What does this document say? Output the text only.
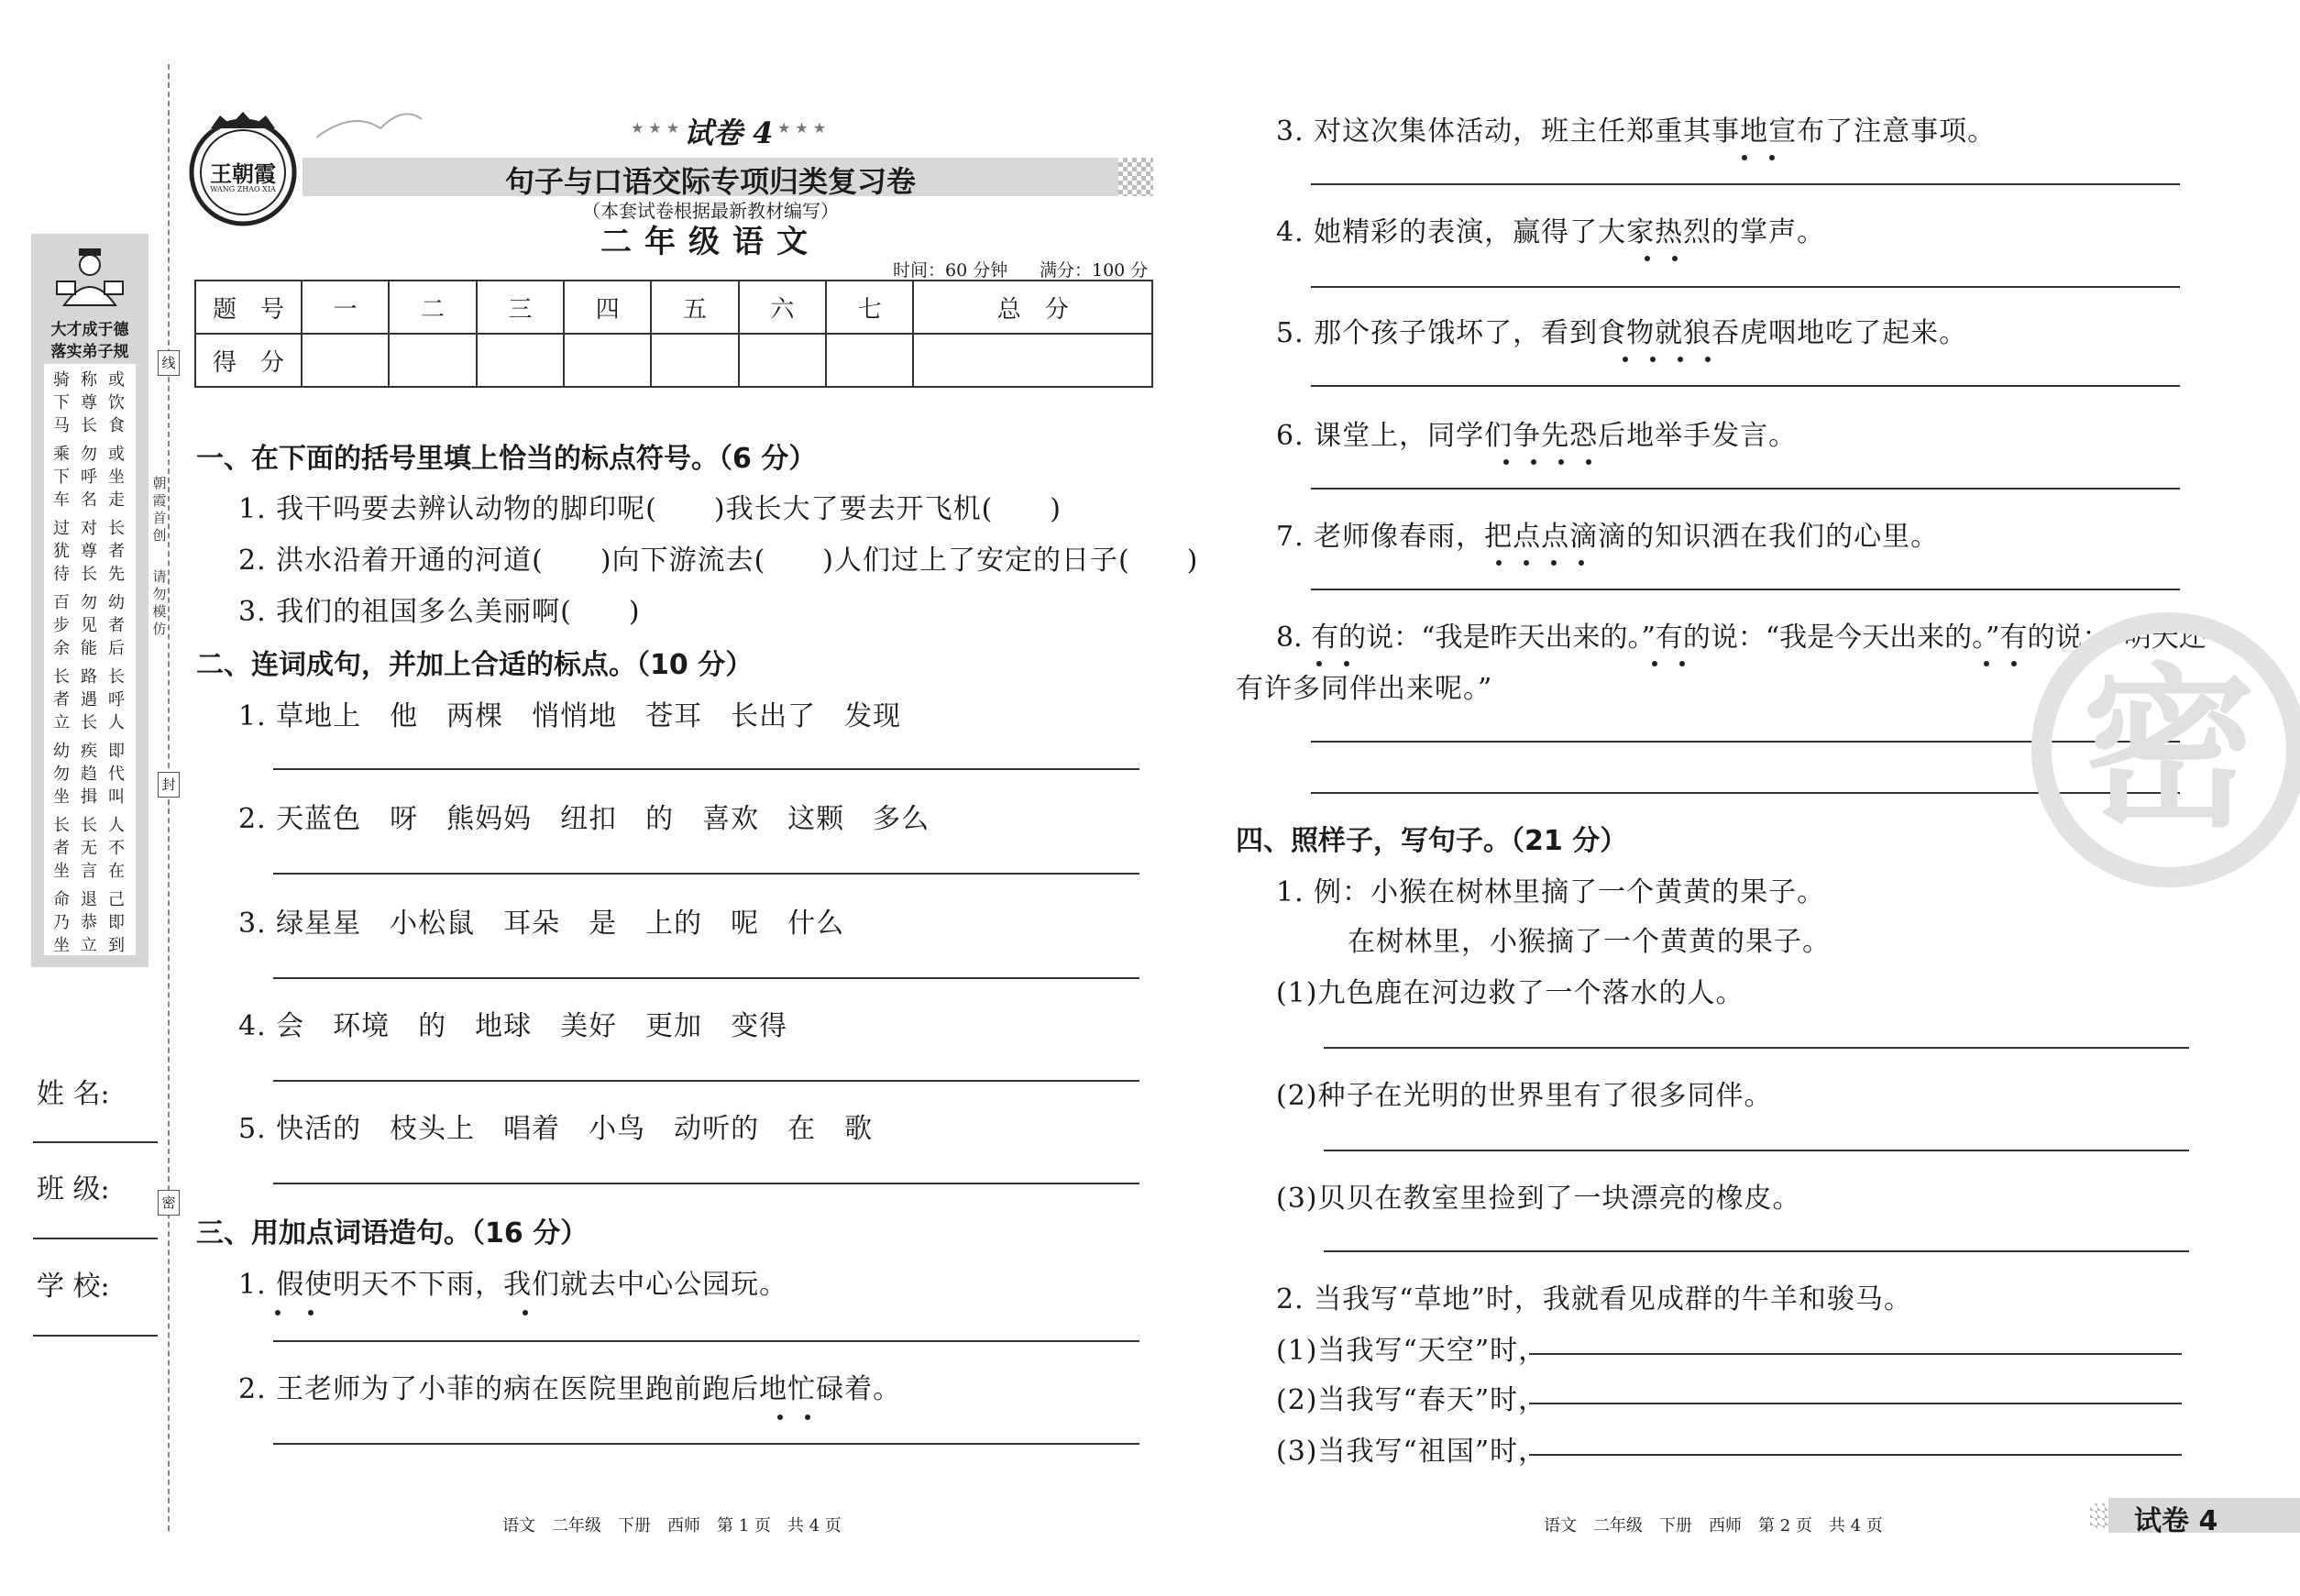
大才成于德
落实弟子规
骑下马
称尊长
或饮食
乘下车
勿呼名
或坐走
过犹待
对尊长
长者先
百步余
勿见能
幼者后
长者立
路遇长
长呼人
幼勿坐
疾趋揖
即代叫
长者坐
长无言
人不在
命乃坐
退恭立
己即到
朝霞首创
请勿模仿
线
封
密
姓 名:
班 级:
学 校:
王朝霞
WANG ZHAO XIA
★ ★ ★ 试卷 4 ★ ★ ★
句子与口语交际专项归类复习卷
（本套试卷根据最新教材编写）
二年级语文
时间：60 分钟 满分：100 分
题　号	一	二	三	四	五	六	七	总　分
得　分								
一、在下面的括号里填上恰当的标点符号。（6 分）
1. 我干吗要去辨认动物的脚印呢(　　)我长大了要去开飞机(　　)
2. 洪水沿着开通的河道(　　)向下游流去(　　)人们过上了安定的日子(　　)
3. 我们的祖国多么美丽啊(　　)
二、连词成句，并加上合适的标点。（10 分）
1. 草地上　他　两棵　悄悄地　苍耳　长出了　发现
2. 天蓝色　呀　熊妈妈　纽扣　的　喜欢　这颗　多么
3. 绿星星　小松鼠　耳朵　是　上的　呢　什么
4. 会　环境　的　地球　美好　更加　变得
5. 快活的　枝头上　唱着　小鸟　动听的　在　歌
三、用加点词语造句。（16 分）
1. 假使明天不下雨，我们就去中心公园玩。
2. 王老师为了小菲的病在医院里跑前跑后地忙碌着。
语文　二年级　下册　西师　第 1 页　共 4 页
3. 对这次集体活动，班主任郑重其事地宣布了注意事项。
4. 她精彩的表演，赢得了大家热烈的掌声。
5. 那个孩子饿坏了，看到食物就狼吞虎咽地吃了起来。
6. 课堂上，同学们争先恐后地举手发言。
7. 老师像春雨，把点点滴滴的知识洒在我们的心里。
8. 有的说：“我是昨天出来的。”有的说：“我是今天出来的。”有的说：“明天还
有许多同伴出来呢。”
四、照样子，写句子。（21 分）
1. 例：小猴在树林里摘了一个黄黄的果子。
在树林里，小猴摘了一个黄黄的果子。
(1)九色鹿在河边救了一个落水的人。
(2)种子在光明的世界里有了很多同伴。
(3)贝贝在教室里捡到了一块漂亮的橡皮。
2. 当我写“草地”时，我就看见成群的牛羊和骏马。
(1)当我写“天空”时，
(2)当我写“春天”时，
(3)当我写“祖国”时，
语文　二年级　下册　西师　第 2 页　共 4 页	试卷 4
密
